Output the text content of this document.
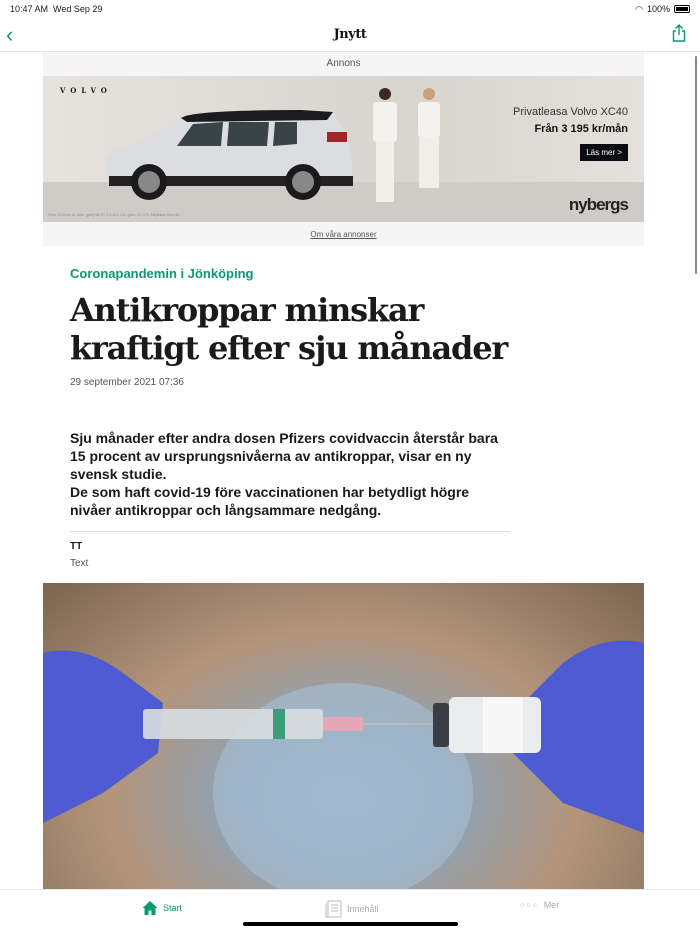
10:47 AM Wed Sep 29	◠ 100%
‹	Jnytt
Annons
VOLVO
Privatleasa Volvo XC40
Från 3 195 kr/mån
Läs mer >
nybergs
Förbr. l/100 km bl. körn. (gref) WLTP: 2,1–8,3. CO₂ g/km: 47–171. Miljöklass Euro 6D.
Om våra annonser
Coronapandemin i Jönköping
Antikroppar minskar kraftigt efter sju månader
29 september 2021 07:36
Sju månader efter andra dosen Pfizers covidvaccin återstår bara 15 procent av ursprungsnivåerna av antikroppar, visar en ny svensk studie.
De som haft covid-19 före vaccinationen har betydligt högre nivåer antikroppar och långsammare nedgång.
TT
Text
Start	Innehåll	○○○ Mer
